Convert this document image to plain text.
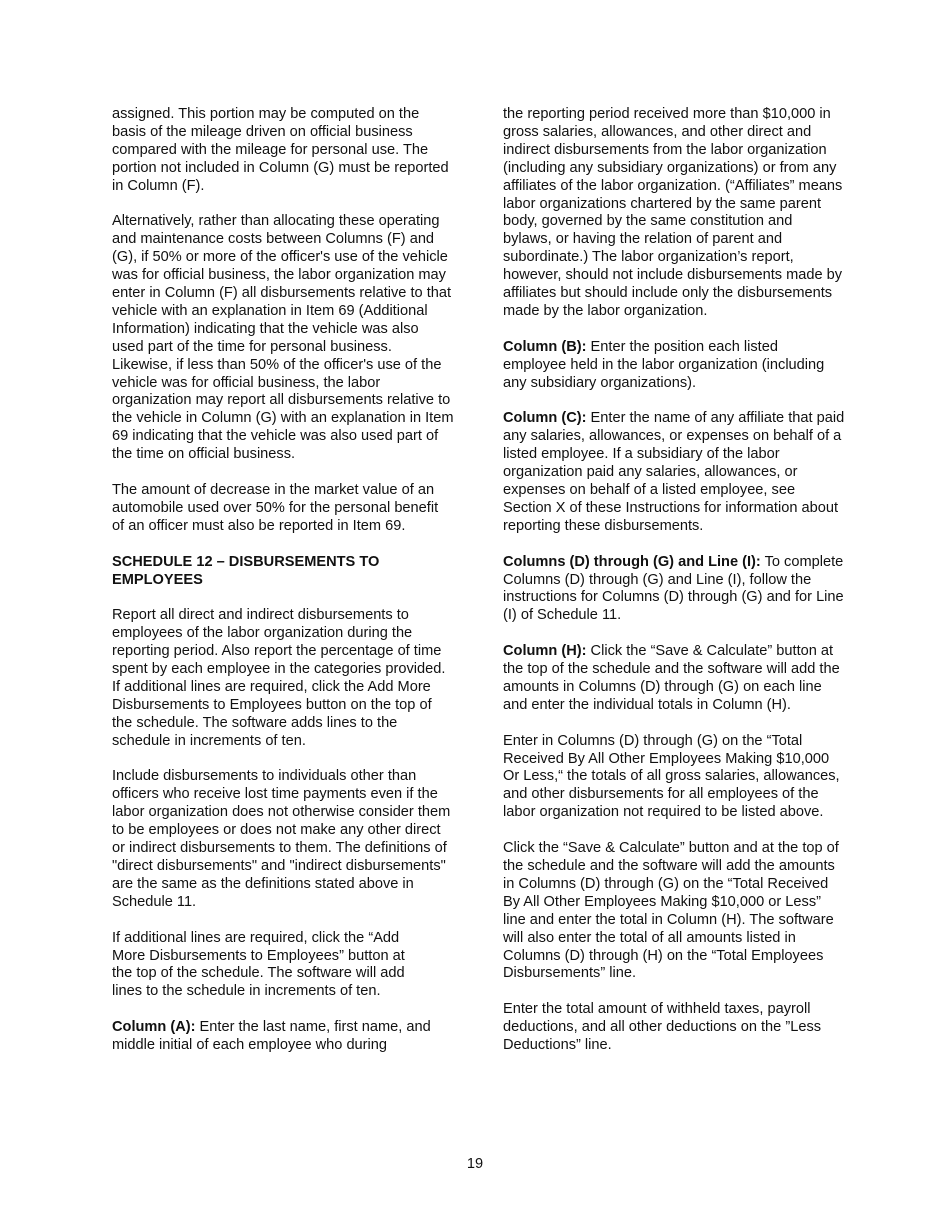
assigned. This portion may be computed on the basis of the mileage driven on official business compared with the mileage for personal use. The portion not included in Column (G) must be reported in Column (F).

Alternatively, rather than allocating these operating and maintenance costs between Columns (F) and (G), if 50% or more of the officer's use of the vehicle was for official business, the labor organization may enter in Column (F) all disbursements relative to that vehicle with an explanation in Item 69 (Additional Information) indicating that the vehicle was also used part of the time for personal business. Likewise, if less than 50% of the officer's use of the vehicle was for official business, the labor organization may report all disbursements relative to the vehicle in Column (G) with an explanation in Item 69 indicating that the vehicle was also used part of the time on official business.

The amount of decrease in the market value of an automobile used over 50% for the personal benefit of an officer must also be reported in Item 69.

SCHEDULE 12 – DISBURSEMENTS TO EMPLOYEES

Report all direct and indirect disbursements to employees of the labor organization during the reporting period. Also report the percentage of time spent by each employee in the categories provided. If additional lines are required, click the Add More Disbursements to Employees button on the top of the schedule. The software adds lines to the schedule in increments of ten.

Include disbursements to individuals other than officers who receive lost time payments even if the labor organization does not otherwise consider them to be employees or does not make any other direct or indirect disbursements to them. The definitions of "direct disbursements" and "indirect disbursements" are the same as the definitions stated above in Schedule 11.

If additional lines are required, click the “Add More Disbursements to Employees” button at the top of the schedule. The software will add lines to the schedule in increments of ten.

Column (A): Enter the last name, first name, and middle initial of each employee who during

the reporting period received more than $10,000 in gross salaries, allowances, and other direct and indirect disbursements from the labor organization (including any subsidiary organizations) or from any affiliates of the labor organization. (“Affiliates” means labor organizations chartered by the same parent body, governed by the same constitution and bylaws, or having the relation of parent and subordinate.) The labor organization’s report, however, should not include disbursements made by affiliates but should include only the disbursements made by the labor organization.

Column (B): Enter the position each listed employee held in the labor organization (including any subsidiary organizations).

Column (C): Enter the name of any affiliate that paid any salaries, allowances, or expenses on behalf of a listed employee. If a subsidiary of the labor organization paid any salaries, allowances, or expenses on behalf of a listed employee, see Section X of these Instructions for information about reporting these disbursements.

Columns (D) through (G) and Line (I): To complete Columns (D) through (G) and Line (I), follow the instructions for Columns (D) through (G) and for Line (I) of Schedule 11.

Column (H): Click the “Save & Calculate” button at the top of the schedule and the software will add the amounts in Columns (D) through (G) on each line and enter the individual totals in Column (H).

Enter in Columns (D) through (G) on the “Total Received By All Other Employees Making $10,000 Or Less,“ the totals of all gross salaries, allowances, and other disbursements for all employees of the labor organization not required to be listed above.

Click the “Save & Calculate” button and at the top of the schedule and the software will add the amounts in Columns (D) through (G) on the “Total Received By All Other Employees Making $10,000 or Less” line and enter the total in Column (H). The software will also enter the total of all amounts listed in Columns (D) through (H) on the “Total Employees Disbursements” line.

Enter the total amount of withheld taxes, payroll deductions, and all other deductions on the ”Less Deductions” line.

19
